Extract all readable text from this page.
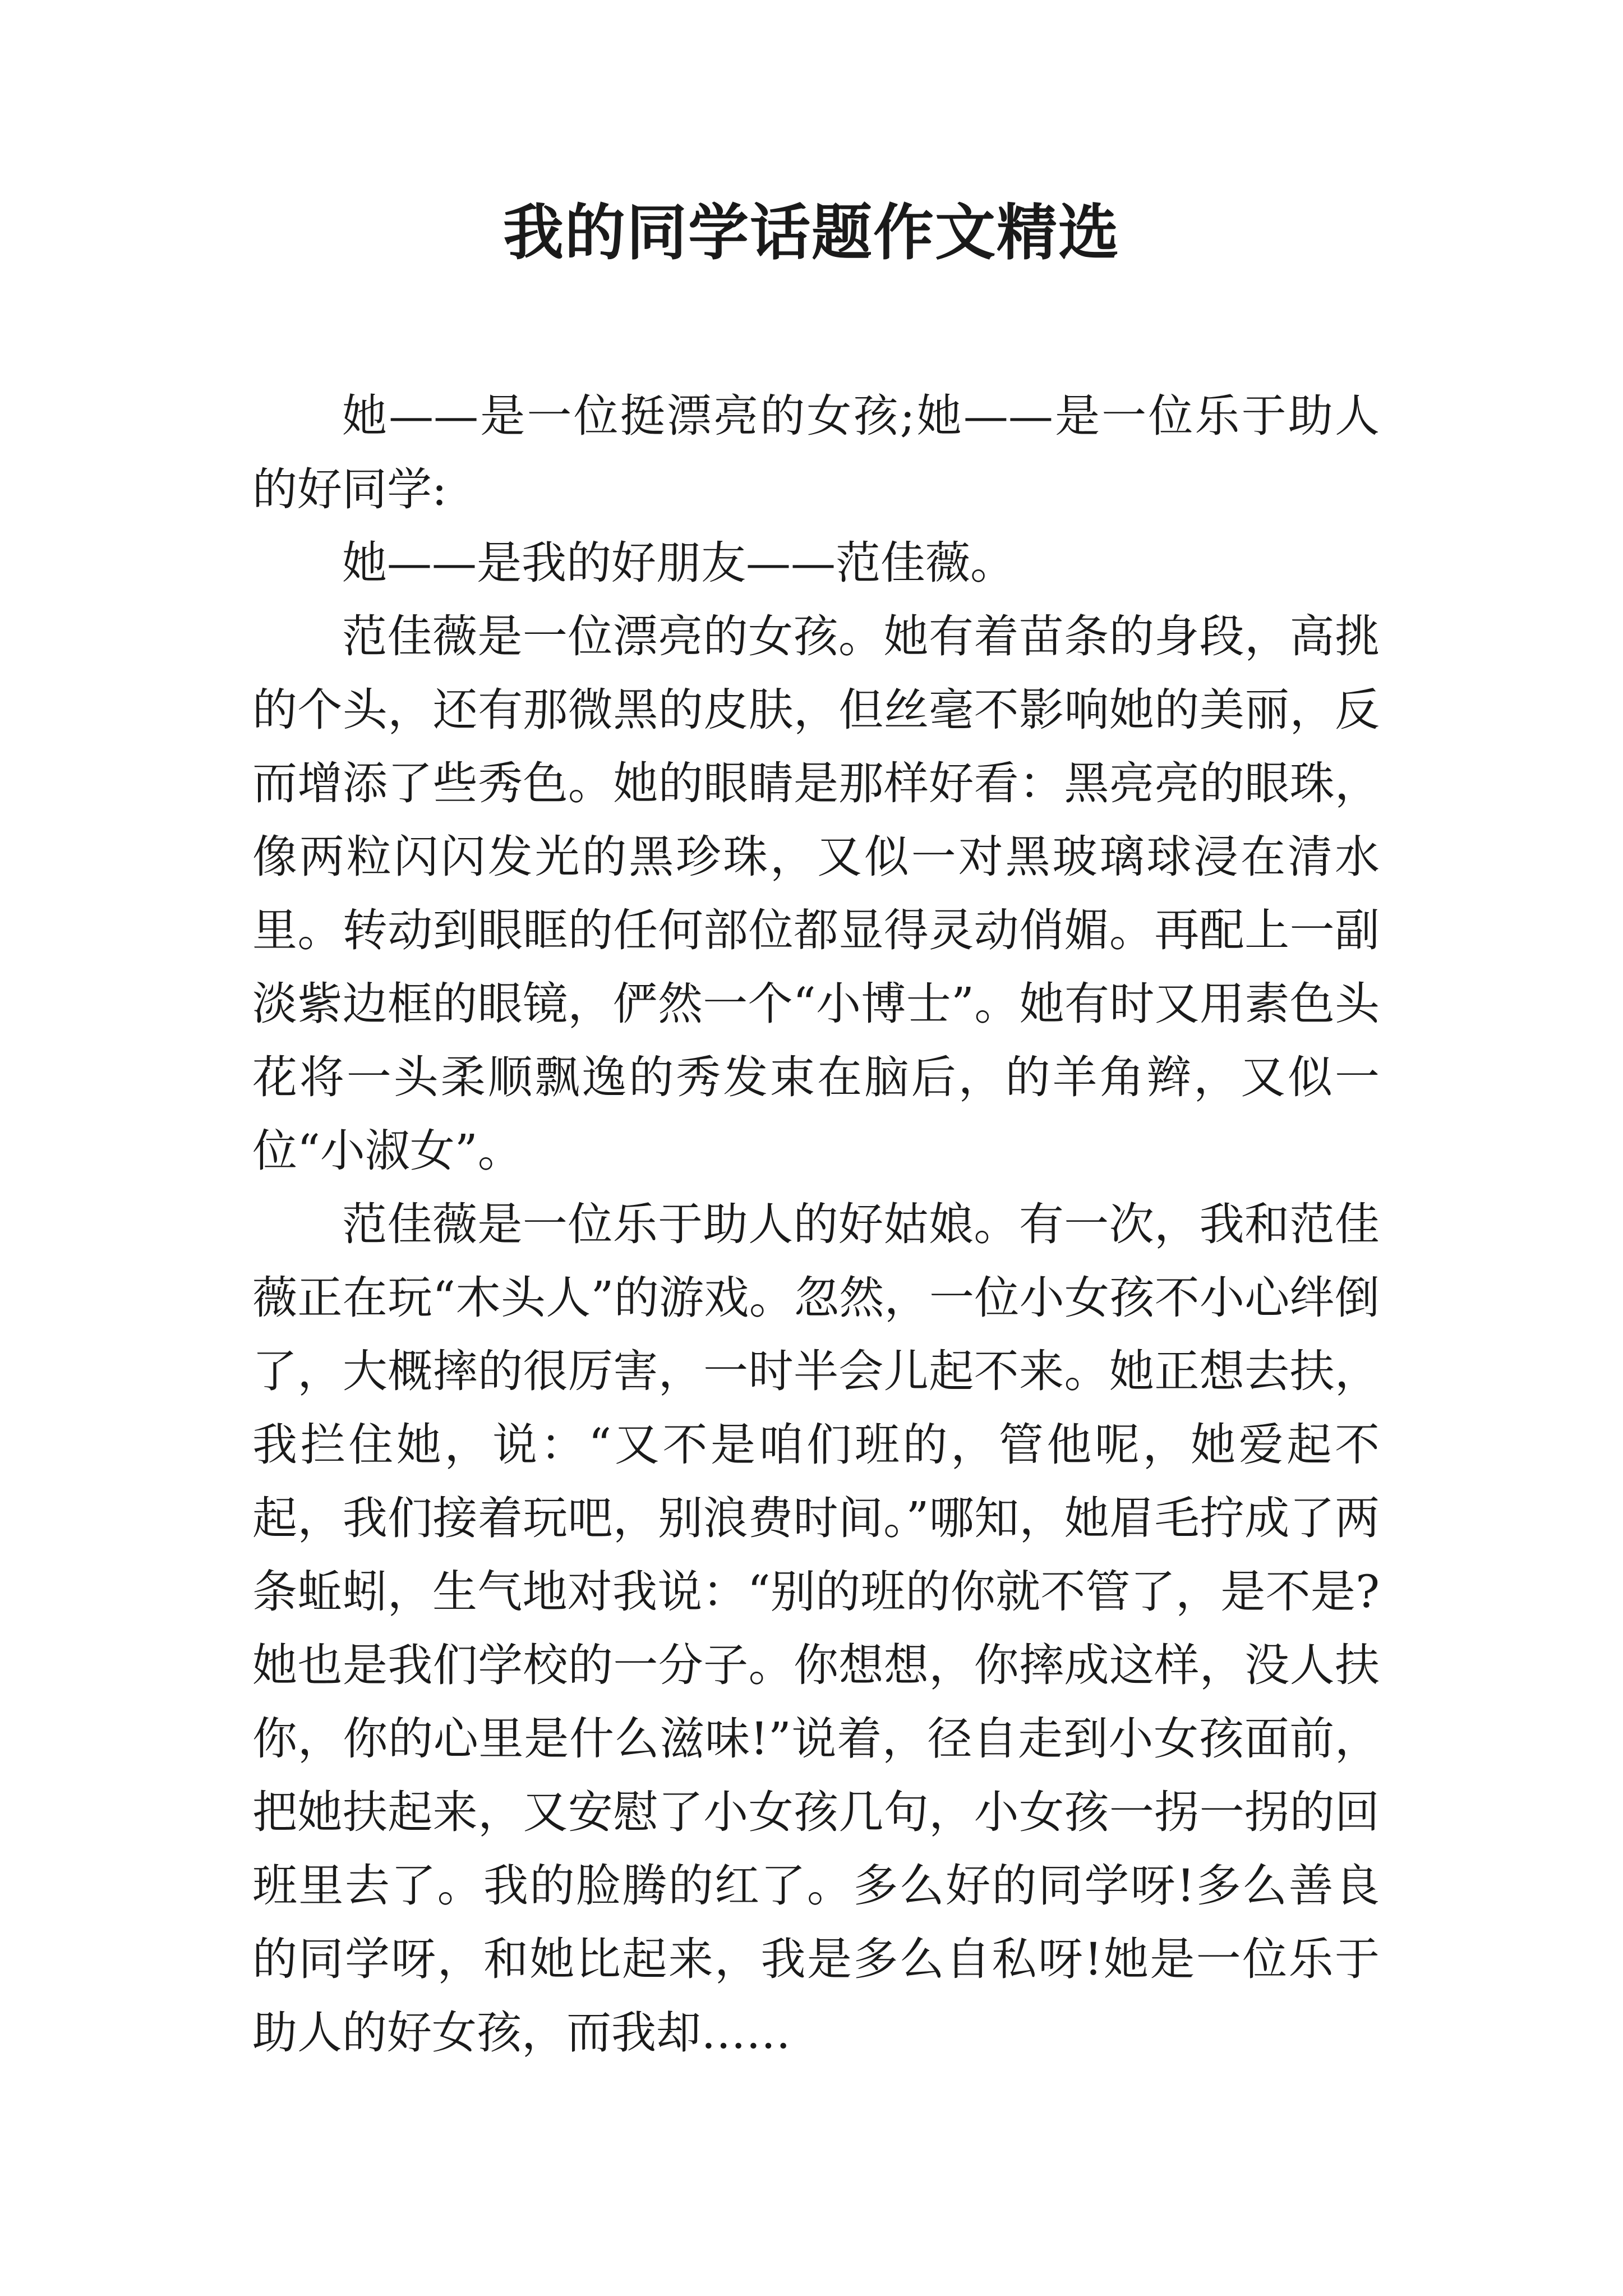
我的同学话题作文精选

她——是一位挺漂亮的女孩;她——是一位乐于助人的好同学:

她——是我的好朋友——范佳薇。

范佳薇是一位漂亮的女孩。她有着苗条的身段，高挑的个头，还有那微黑的皮肤，但丝毫不影响她的美丽，反而增添了些秀色。她的眼睛是那样好看：黑亮亮的眼珠，像两粒闪闪发光的黑珍珠，又似一对黑玻璃球浸在清水里。转动到眼眶的任何部位都显得灵动俏媚。再配上一副淡紫边框的眼镜，俨然一个“小博士”。她有时又用素色头花将一头柔顺飘逸的秀发束在脑后，的羊角辫，又似一位“小淑女”。

范佳薇是一位乐于助人的好姑娘。有一次，我和范佳薇正在玩“木头人”的游戏。忽然，一位小女孩不小心绊倒了，大概摔的很厉害，一时半会儿起不来。她正想去扶，我拦住她，说：“又不是咱们班的，管他呢，她爱起不起，我们接着玩吧，别浪费时间。”哪知，她眉毛拧成了两条蚯蚓，生气地对我说：“别的班的你就不管了，是不是?她也是我们学校的一分子。你想想，你摔成这样，没人扶你，你的心里是什么滋味!”说着，径自走到小女孩面前，把她扶起来，又安慰了小女孩几句，小女孩一拐一拐的回班里去了。我的脸腾的红了。多么好的同学呀!多么善良的同学呀，和她比起来，我是多么自私呀!她是一位乐于助人的好女孩，而我却……
